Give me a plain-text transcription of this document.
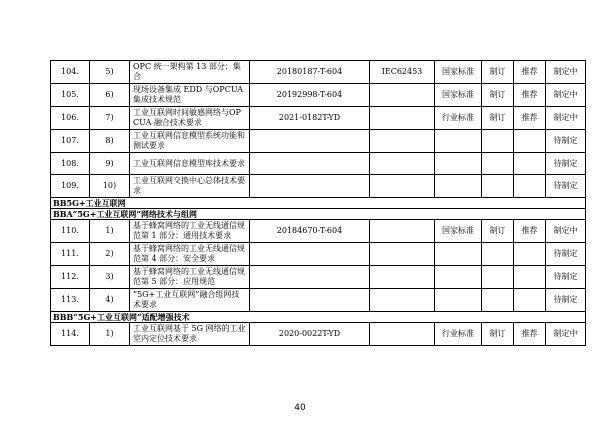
104.	5)	OPC 统一架构第 13 部分：集合	20180187-T-604	IEC62453	国家标准	制订	推荐	制定中
105.	6)	现场设备集成 EDD 与OPCUA 集成技术规范	20192998-T-604		国家标准	制订	推荐	制定中
106.	7)	工业互联网时间敏感网络与OPCUA 融合技术要求	2021-0182T-YD		行业标准	制订	推荐	制定中
107.	8)	工业互联网信息模型系统功能和测试要求						待制定
108.	9)	工业互联网信息模型库技术要求						待制定
109.	10)	工业互联网交换中心总体技术要求						待制定
BB5G+工业互联网								
BBA“5G+工业互联网”网络技术与组网								
110.	1)	基于蜂窝网络的工业无线通信规范第 1 部分：通用技术要求	20184670-T-604		国家标准	制订	推荐	制定中
111.	2)	基于蜂窝网络的工业无线通信规范第 4 部分：安全要求						待制定
112.	3)	基于蜂窝网络的工业无线通信规范第 5 部分：应用规范						待制定
113.	4)	“5G+工业互联网”融合组网技术要求						待制定
BBB“5G+工业互联网”适配增强技术								
114.	1)	工业互联网基于 5G 网络的工业室内定位技术要求	2020-0022T-YD		行业标准	制订	推荐	制定中
40
